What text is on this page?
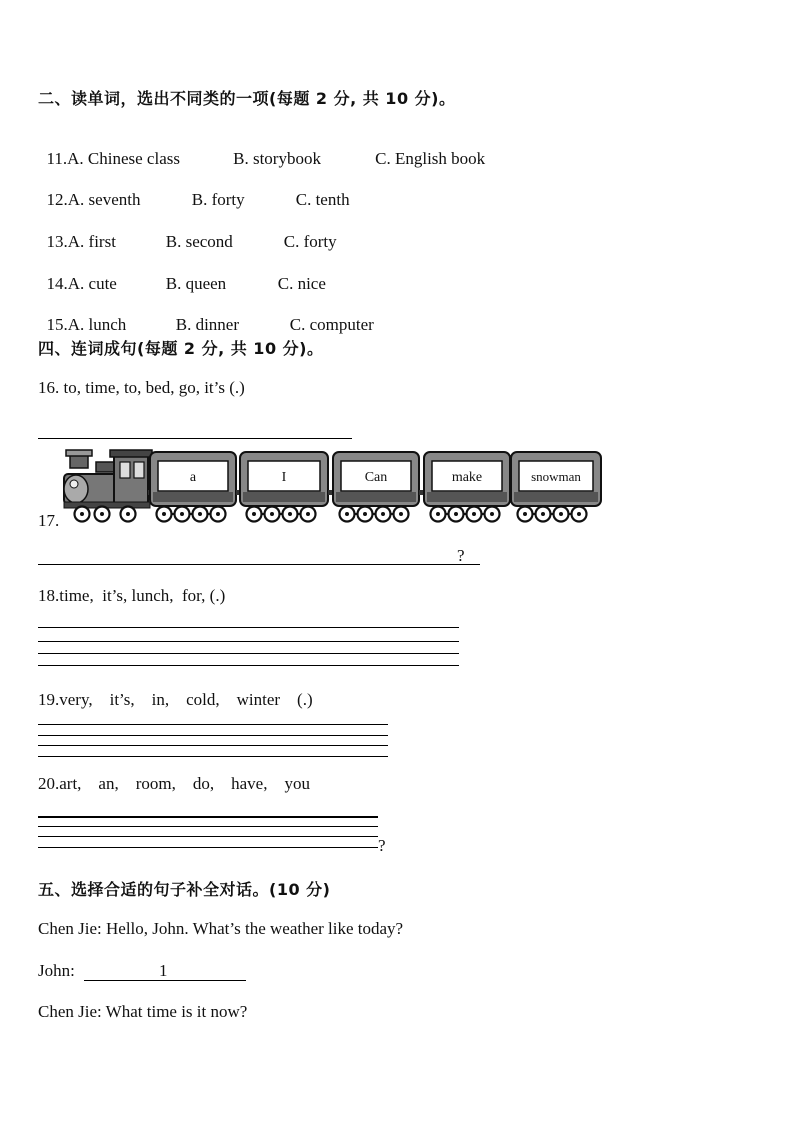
二、读单词，选出不同类的一项(每题 2 分, 共 10 分)。

11.A. Chinese class	B. storybook	C. English book

12.A. seventh	B. forty	C. tenth

13.A. first	B. second	C. forty

14.A. cute	B. queen	C. nice

15.A. lunch	B. dinner	C. computer

四、连词成句(每题 2 分, 共 10 分)。
16. to, time, to, bed, go, it’s (.)
17.
a	I	Can	make	snowman
?
18.time,  it’s, lunch,  for, (.)
19.very,    it’s,    in,    cold,    winter    (.)
20.art,    an,    room,    do,    have,    you
?
五、选择合适的句子补全对话。(10 分)
Chen Jie: Hello, John. What’s the weather like today?
John:	1
Chen Jie: What time is it now?
